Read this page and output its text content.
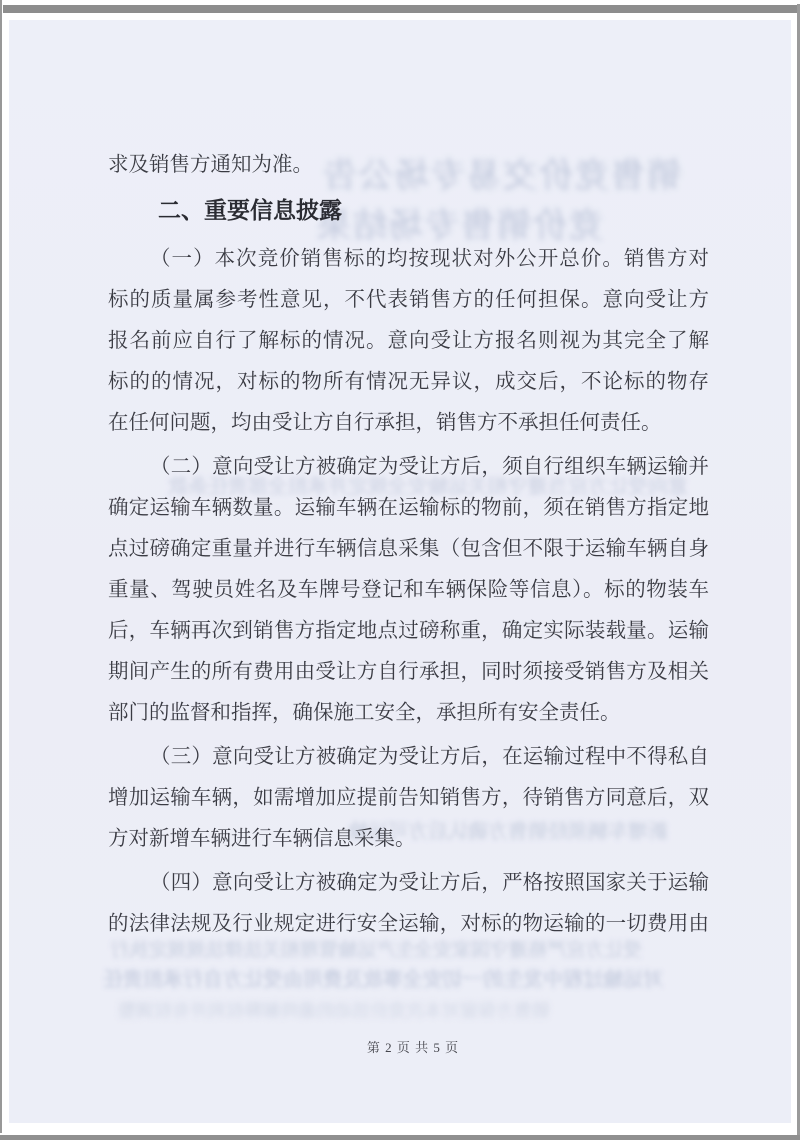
销售竞价交易专场公告
竞价销售专场结果
意向受让方应当遵守相关运输安全规定并承担全部责任条款
新增车辆须经销售方确认后方可运输
受让方应严格遵守国家安全生产运输管理相关法律法规规定执行
对运输过程中发生的一切安全事故及费用由受让方自行承担责任
销售方保留对本次竞价活动的最终解释权利并有权调整
求及销售方通知为准。
二、重要信息披露
（一）本次竞价销售标的均按现状对外公开总价。销售方对
标的质量属参考性意见，不代表销售方的任何担保。意向受让方
报名前应自行了解标的情况。意向受让方报名则视为其完全了解
标的的情况，对标的物所有情况无异议，成交后，不论标的物存
在任何问题，均由受让方自行承担，销售方不承担任何责任。
（二）意向受让方被确定为受让方后，须自行组织车辆运输并
确定运输车辆数量。运输车辆在运输标的物前，须在销售方指定地
点过磅确定重量并进行车辆信息采集（包含但不限于运输车辆自身
重量、驾驶员姓名及车牌号登记和车辆保险等信息）。标的物装车
后，车辆再次到销售方指定地点过磅称重，确定实际装载量。运输
期间产生的所有费用由受让方自行承担，同时须接受销售方及相关
部门的监督和指挥，确保施工安全，承担所有安全责任。
（三）意向受让方被确定为受让方后，在运输过程中不得私自
增加运输车辆，如需增加应提前告知销售方，待销售方同意后，双
方对新增车辆进行车辆信息采集。
（四）意向受让方被确定为受让方后，严格按照国家关于运输
的法律法规及行业规定进行安全运输，对标的物运输的一切费用由
第 2 页 共 5 页
